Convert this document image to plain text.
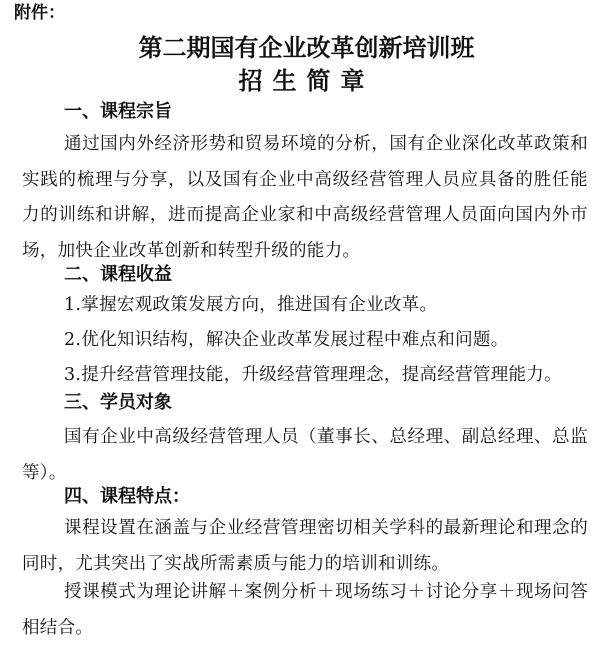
附件：
第二期国有企业改革创新培训班
招生简章
一、课程宗旨
通过国内外经济形势和贸易环境的分析，国有企业深化改革政策和实践的梳理与分享，以及国有企业中高级经营管理人员应具备的胜任能力的训练和讲解，进而提高企业家和中高级经营管理人员面向国内外市场，加快企业改革创新和转型升级的能力。
二、课程收益
1.掌握宏观政策发展方向，推进国有企业改革。
2.优化知识结构，解决企业改革发展过程中难点和问题。
3.提升经营管理技能，升级经营管理理念，提高经营管理能力。
三、学员对象
国有企业中高级经营管理人员（董事长、总经理、副总经理、总监等）。
四、课程特点：
课程设置在涵盖与企业经营管理密切相关学科的最新理论和理念的同时，尤其突出了实战所需素质与能力的培训和训练。
授课模式为理论讲解＋案例分析＋现场练习＋讨论分享＋现场问答相结合。
